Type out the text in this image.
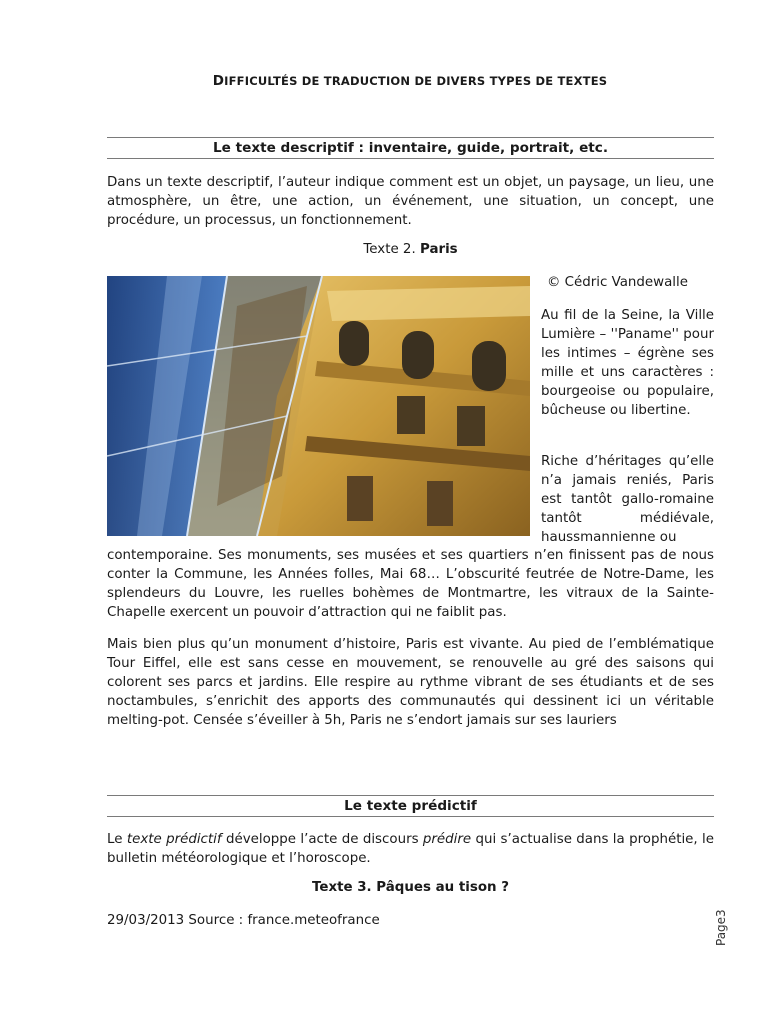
DIFFICULTÉS DE TRADUCTION DE DIVERS TYPES DE TEXTES
Le texte descriptif : inventaire, guide, portrait, etc.

Dans un texte descriptif, l’auteur indique comment est un objet, un paysage, un lieu, une atmosphère, un être, une action, un événement, une situation, un concept, une procédure, un processus, un fonctionnement.

Texte 2. Paris
© Cédric Vandewalle

Au fil de la Seine, la Ville Lumière – ''Paname'' pour les intimes – égrène ses mille et uns caractères : bourgeoise ou populaire, bûcheuse ou libertine.

Riche d’héritages qu’elle n’a jamais reniés, Paris est tantôt gallo-romaine tantôt médiévale, haussmannienne ou

contemporaine. Ses monuments, ses musées et ses quartiers n’en finissent pas de nous conter la Commune, les Années folles, Mai 68… L’obscurité feutrée de Notre-Dame, les splendeurs du Louvre, les ruelles bohèmes de Montmartre, les vitraux de la Sainte-Chapelle exercent un pouvoir d’attraction qui ne faiblit pas.

Mais bien plus qu’un monument d’histoire, Paris est vivante. Au pied de l’emblématique Tour Eiffel, elle est sans cesse en mouvement, se renouvelle au gré des saisons qui colorent ses parcs et jardins. Elle respire au rythme vibrant de ses étudiants et de ses noctambules, s’enrichit des apports des communautés qui dessinent ici un véritable melting-pot. Censée s’éveiller à 5h, Paris ne s’endort jamais sur ses lauriers

Le texte prédictif

Le texte prédictif développe l’acte de discours prédire qui s’actualise dans la prophétie, le bulletin météorologique et l’horoscope.

Texte 3. Pâques au tison ?
29/03/2013 Source : france.meteofrance	Page3
